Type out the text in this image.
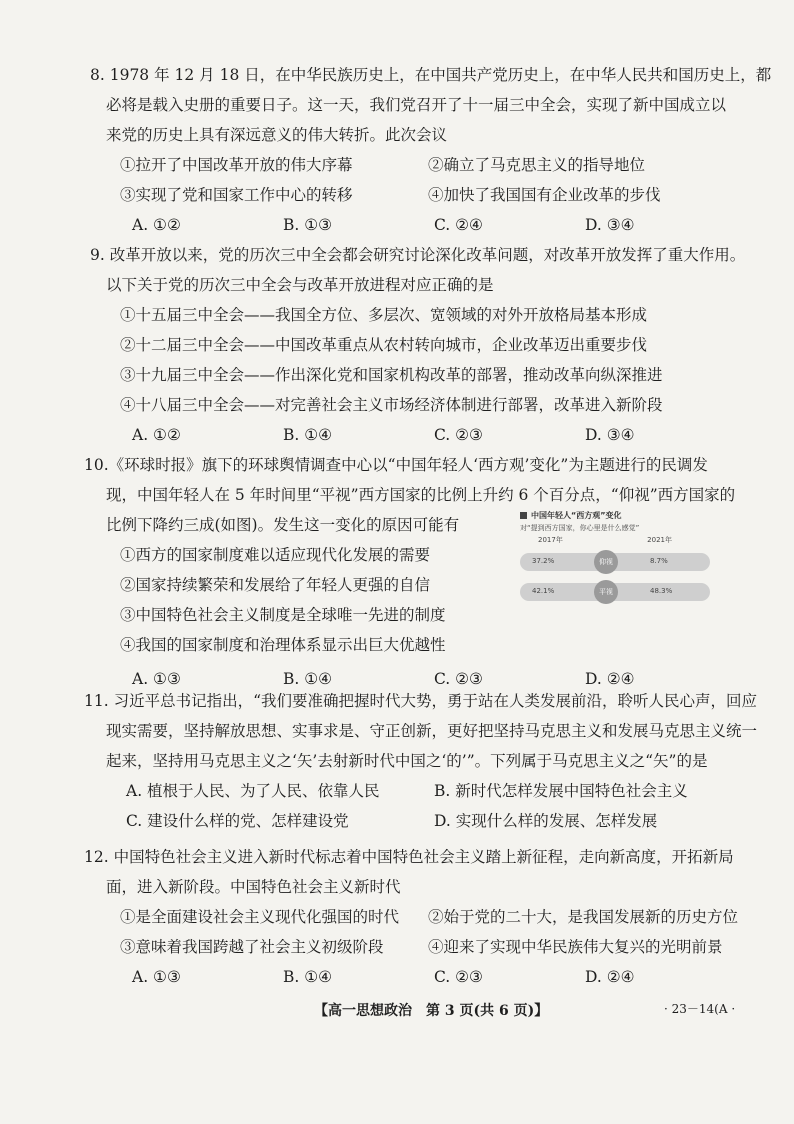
8. 1978 年 12 月 18 日，在中华民族历史上，在中国共产党历史上，在中华人民共和国历史上，都

必将是载入史册的重要日子。这一天，我们党召开了十一届三中全会，实现了新中国成立以

来党的历史上具有深远意义的伟大转折。此次会议

①拉开了中国改革开放的伟大序幕	②确立了马克思主义的指导地位
③实现了党和国家工作中心的转移	④加快了我国国有企业改革的步伐
A. ①②	B. ①③	C. ②④	D. ③④

9. 改革开放以来，党的历次三中全会都会研究讨论深化改革问题，对改革开放发挥了重大作用。

以下关于党的历次三中全会与改革开放进程对应正确的是

①十五届三中全会——我国全方位、多层次、宽领域的对外开放格局基本形成
②十二届三中全会——中国改革重点从农村转向城市，企业改革迈出重要步伐
③十九届三中全会——作出深化党和国家机构改革的部署，推动改革向纵深推进
④十八届三中全会——对完善社会主义市场经济体制进行部署，改革进入新阶段
A. ①②	B. ①④	C. ②③	D. ③④

10.《环球时报》旗下的环球舆情调查中心以“中国年轻人‘西方观’变化”为主题进行的民调发

现，中国年轻人在 5 年时间里“平视”西方国家的比例上升约 6 个百分点，“仰视”西方国家的

比例下降约三成(如图)。发生这一变化的原因可能有

①西方的国家制度难以适应现代化发展的需要
②国家持续繁荣和发展给了年轻人更强的自信
③中国特色社会主义制度是全球唯一先进的制度
④我国的国家制度和治理体系显示出巨大优越性
A. ①③	B. ①④	C. ②③	D. ②④
中国年轻人“西方观”变化
对“提到西方国家，你心里是什么感觉”
2017年	2021年
37.2%	仰视	8.7%
42.1%	平视	48.3%

11. 习近平总书记指出，“我们要准确把握时代大势，勇于站在人类发展前沿，聆听人民心声，回应

现实需要，坚持解放思想、实事求是、守正创新，更好把坚持马克思主义和发展马克思主义统一

起来，坚持用马克思主义之‘矢’去射新时代中国之‘的’”。下列属于马克思主义之“矢”的是

A. 植根于人民、为了人民、依靠人民	B. 新时代怎样发展中国特色社会主义
C. 建设什么样的党、怎样建设党	D. 实现什么样的发展、怎样发展

12. 中国特色社会主义进入新时代标志着中国特色社会主义踏上新征程，走向新高度，开拓新局

面，进入新阶段。中国特色社会主义新时代

①是全面建设社会主义现代化强国的时代	②始于党的二十大，是我国发展新的历史方位
③意味着我国跨越了社会主义初级阶段	④迎来了实现中华民族伟大复兴的光明前景
A. ①③	B. ①④	C. ②③	D. ②④
【高一思想政治　第 3 页(共 6 页)】	· 23－14(A ·
